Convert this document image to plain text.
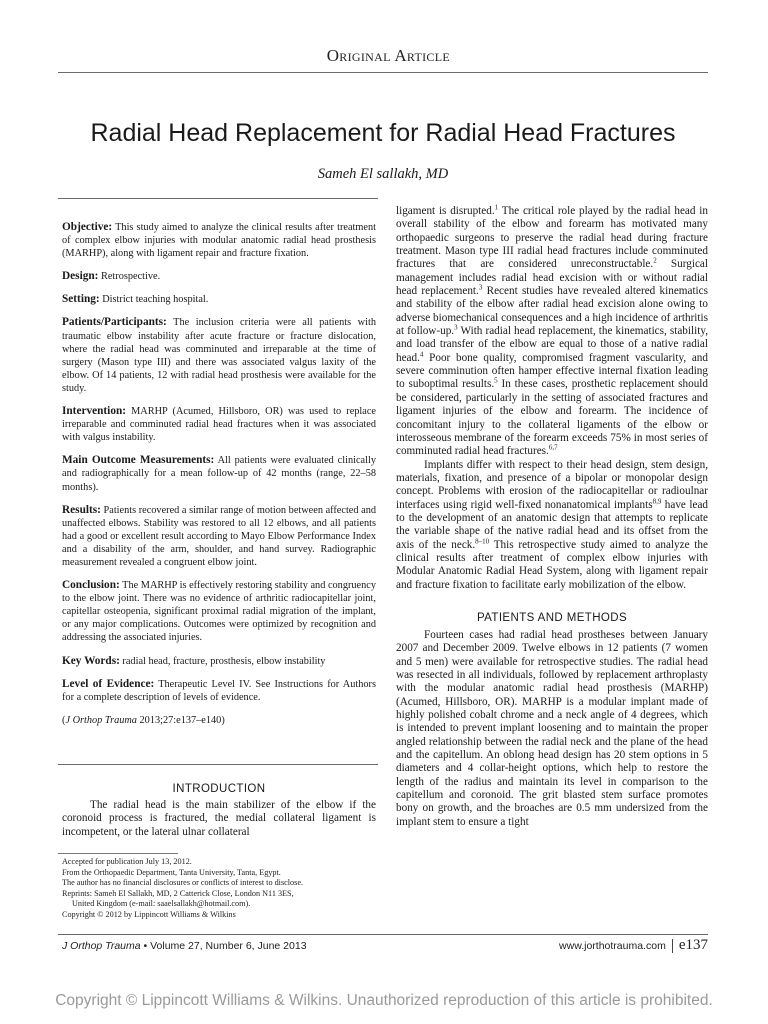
Original Article
Radial Head Replacement for Radial Head Fractures

Sameh El sallakh, MD

Objective: This study aimed to analyze the clinical results after treatment of complex elbow injuries with modular anatomic radial head prosthesis (MARHP), along with ligament repair and fracture fixation.

Design: Retrospective.

Setting: District teaching hospital.

Patients/Participants: The inclusion criteria were all patients with traumatic elbow instability after acute fracture or fracture dislocation, where the radial head was comminuted and irreparable at the time of surgery (Mason type III) and there was associated valgus laxity of the elbow. Of 14 patients, 12 with radial head prosthesis were available for the study.

Intervention: MARHP (Acumed, Hillsboro, OR) was used to replace irreparable and comminuted radial head fractures when it was associated with valgus instability.

Main Outcome Measurements: All patients were evaluated clinically and radiographically for a mean follow-up of 42 months (range, 22–58 months).

Results: Patients recovered a similar range of motion between affected and unaffected elbows. Stability was restored to all 12 elbows, and all patients had a good or excellent result according to Mayo Elbow Performance Index and a disability of the arm, shoulder, and hand survey. Radiographic measurement revealed a congruent elbow joint.

Conclusion: The MARHP is effectively restoring stability and congruency to the elbow joint. There was no evidence of arthritic radiocapitellar joint, capitellar osteopenia, significant proximal radial migration of the implant, or any major complications. Outcomes were optimized by recognition and addressing the associated injuries.

Key Words: radial head, fracture, prosthesis, elbow instability

Level of Evidence: Therapeutic Level IV. See Instructions for Authors for a complete description of levels of evidence.

(J Orthop Trauma 2013;27:e137–e140)

INTRODUCTION

The radial head is the main stabilizer of the elbow if the coronoid process is fractured, the medial collateral ligament is incompetent, or the lateral ulnar collateral

Accepted for publication July 13, 2012.

From the Orthopaedic Department, Tanta University, Tanta, Egypt.

The author has no financial disclosures or conflicts of interest to disclose.

Reprints: Sameh El Sallakh, MD, 2 Catterick Close, London N11 3ES,

United Kingdom (e-mail: saaelsallakh@hotmail.com).

Copyright © 2012 by Lippincott Williams & Wilkins

ligament is disrupted.$^1$ The critical role played by the radial head in overall stability of the elbow and forearm has motivated many orthopaedic surgeons to preserve the radial head during fracture treatment. Mason type III radial head fractures include comminuted fractures that are considered unreconstructable.$^2$ Surgical management includes radial head excision with or without radial head replacement.$^3$ Recent studies have revealed altered kinematics and stability of the elbow after radial head excision alone owing to adverse biomechanical consequences and a high incidence of arthritis at follow-up.$^3$ With radial head replacement, the kinematics, stability, and load transfer of the elbow are equal to those of a native radial head.$^4$ Poor bone quality, compromised fragment vascularity, and severe comminution often hamper effective internal fixation leading to suboptimal results.$^5$ In these cases, prosthetic replacement should be considered, particularly in the setting of associated fractures and ligament injuries of the elbow and forearm. The incidence of concomitant injury to the collateral ligaments of the elbow or interosseous membrane of the forearm exceeds 75% in most series of comminuted radial head fractures.$^{6,7}$

Implants differ with respect to their head design, stem design, materials, fixation, and presence of a bipolar or monopolar design concept. Problems with erosion of the radiocapitellar or radioulnar interfaces using rigid well-fixed nonanatomical implants$^{8,9}$ have lead to the development of an anatomic design that attempts to replicate the variable shape of the native radial head and its offset from the axis of the neck.$^{8-10}$ This retrospective study aimed to analyze the clinical results after treatment of complex elbow injuries with Modular Anatomic Radial Head System, along with ligament repair and fracture fixation to facilitate early mobilization of the elbow.

PATIENTS AND METHODS

Fourteen cases had radial head prostheses between January 2007 and December 2009. Twelve elbows in 12 patients (7 women and 5 men) were available for retrospective studies. The radial head was resected in all individuals, followed by replacement arthroplasty with the modular anatomic radial head prosthesis (MARHP) (Acumed, Hillsboro, OR). MARHP is a modular implant made of highly polished cobalt chrome and a neck angle of 4 degrees, which is intended to prevent implant loosening and to maintain the proper angled relationship between the radial neck and the plane of the head and the capitellum. An oblong head design has 20 stem options in 5 diameters and 4 collar-height options, which help to restore the length of the radius and maintain its level in comparison to the capitellum and coronoid. The grit blasted stem surface promotes bony on growth, and the broaches are 0.5 mm undersized from the implant stem to ensure a tight

J Orthop Trauma • Volume 27, Number 6, June 2013	www.jorthotrauma.com e137
Copyright © Lippincott Williams & Wilkins. Unauthorized reproduction of this article is prohibited.
